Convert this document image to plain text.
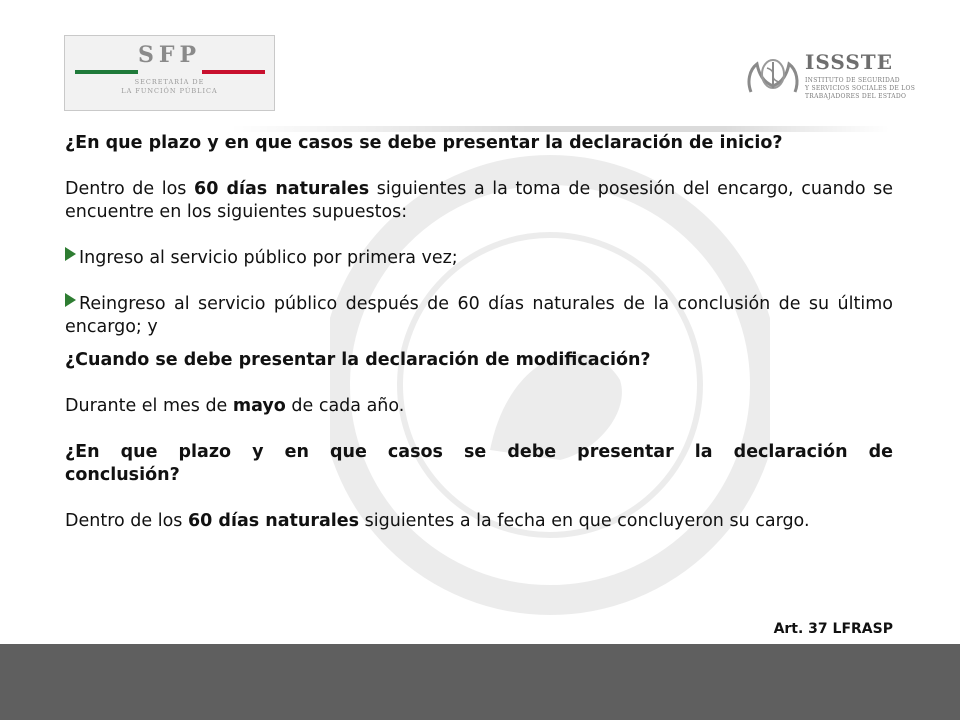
SFP
SECRETARÍA DE
LA FUNCIÓN PÚBLICA
ISSSTE
INSTITUTO DE SEGURIDAD
Y SERVICIOS SOCIALES DE LOS
TRABAJADORES DEL ESTADO

¿En que plazo y en que casos se debe presentar la declaración de inicio?

Dentro de los 60 días naturales siguientes a la toma de posesión del encargo, cuando se encuentre en los siguientes supuestos:

Ingreso al servicio público por primera vez;

Reingreso al servicio público después de 60 días naturales de la conclusión de su último encargo; y

¿Cuando se debe presentar la declaración de modificación?

Durante el mes de mayo de cada año.

¿En que plazo y en que casos se debe presentar la declaración de

conclusión?

Dentro de los 60 días naturales siguientes a la fecha en que concluyeron su cargo.

Art. 37 LFRASP
